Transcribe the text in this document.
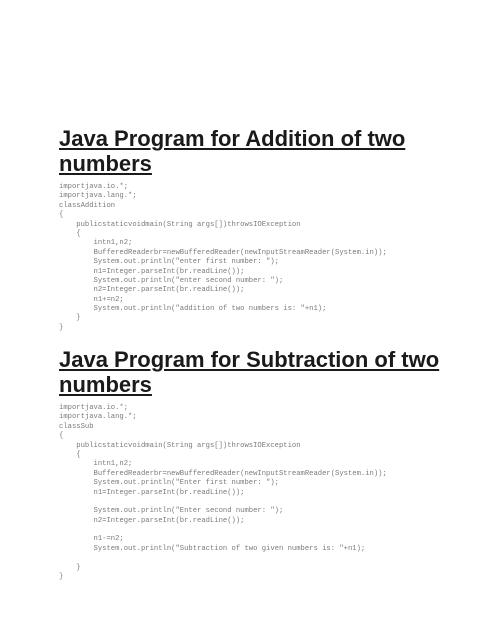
Java Program for Addition of two numbers
importjava.io.*;
importjava.lang.*;
classAddition
{
publicstaticvoidmain(String args[])throwsIOException
{
intn1,n2;
BufferedReaderbr=newBufferedReader(newInputStreamReader(System.in));
System.out.println("enter first number: ");
n1=Integer.parseInt(br.readLine());
System.out.println("enter second number: ");
n2=Integer.parseInt(br.readLine());
n1+=n2;
System.out.println("addition of two numbers is: "+n1);
}
}
Java Program for Subtraction of two numbers
importjava.io.*;
importjava.lang.*;
classSub
{
publicstaticvoidmain(String args[])throwsIOException
{
intn1,n2;
BufferedReaderbr=newBufferedReader(newInputStreamReader(System.in));
System.out.println("Enter first number: ");
n1=Integer.parseInt(br.readLine());
System.out.println("Enter second number: ");
n2=Integer.parseInt(br.readLine());
n1-=n2;
System.out.println("Subtraction of two given numbers is: "+n1);
}
}
